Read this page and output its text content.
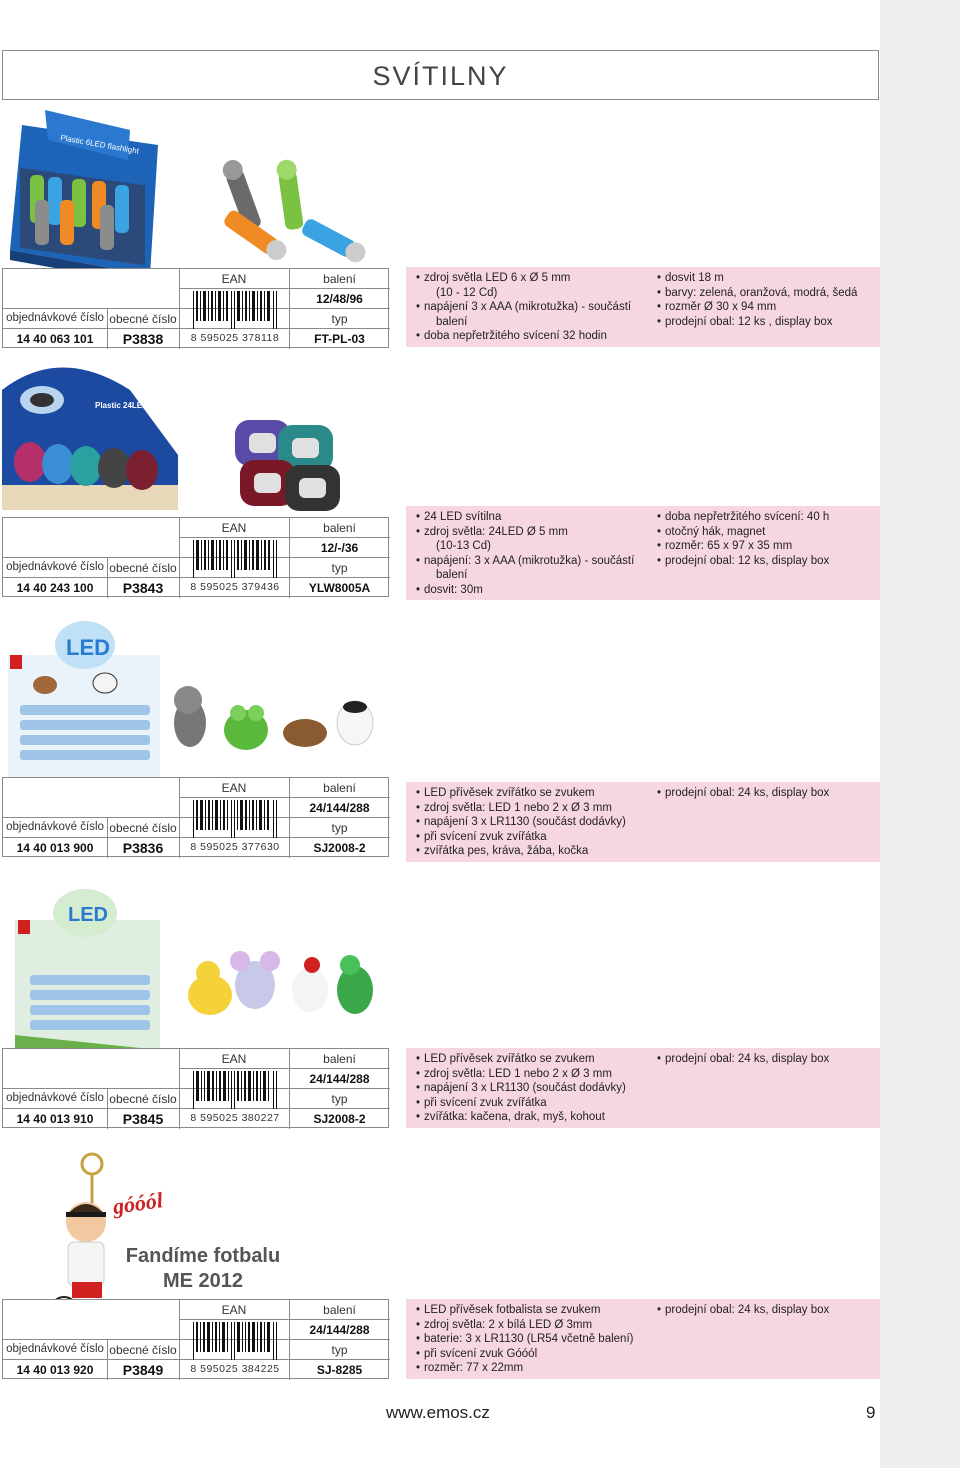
SVÍTILNY
Plastic 6LED flashlight
EAN	balení
12/48/96
objednávkové číslo obecné číslo	typ
14 40 063 101	P3838	FT-PL-03
8 595025 378118
• zdroj světla LED 6 x Ø 5 mm
(10 - 12 Cd)
• napájení 3 x AAA (mikrotužka) - součástí
balení
• doba nepřetržitého svícení 32 hodin
• dosvit 18 m
• barvy: zelená, oranžová, modrá, šedá
• rozměr Ø 30 x 94 mm
• prodejní obal: 12 ks , display box
Plastic 24LED flashlight
EAN	balení
12/-/36
objednávkové číslo obecné číslo	typ
14 40 243 100	P3843	YLW8005A
8 595025 379436
• 24 LED svítilna
• zdroj světla: 24LED Ø 5 mm
(10-13 Cd)
• napájení: 3 x AAA (mikrotužka) - součástí
balení
• dosvit: 30m
• doba nepřetržitého svícení: 40 h
• otočný hák, magnet
• rozměr: 65 x 97 x 35 mm
• prodejní obal: 12 ks, display box
LED
EAN	balení
24/144/288
objednávkové číslo obecné číslo	typ
14 40 013 900	P3836	SJ2008-2
8 595025 377630
• LED přívěsek zvířátko se zvukem
• zdroj světla: LED 1 nebo 2 x Ø 3 mm
• napájení 3 x LR1130 (součást dodávky)
• při svícení zvuk zvířátka
• zvířátka pes, kráva, žába, kočka
• prodejní obal: 24 ks, display box
LED
EAN	balení
24/144/288
objednávkové číslo obecné číslo	typ
14 40 013 910	P3845	SJ2008-2
8 595025 380227
• LED přívěsek zvířátko se zvukem
• zdroj světla: LED 1 nebo 2 x Ø 3 mm
• napájení 3 x LR1130 (součást dodávky)
• při svícení zvuk zvířátka
• zvířátka: kačena, drak, myš, kohout
• prodejní obal: 24 ks, display box
góóól
Fandíme fotbalu
ME 2012
EAN	balení
24/144/288
objednávkové číslo obecné číslo	typ
14 40 013 920	P3849	SJ-8285
8 595025 384225
• LED přívěsek fotbalista se zvukem
• zdroj světla: 2 x bílá LED Ø 3mm
• baterie: 3 x LR1130 (LR54 včetně balení)
• při svícení zvuk Góóól
• rozměr: 77 x 22mm
• prodejní obal: 24 ks, display box
www.emos.cz	9
